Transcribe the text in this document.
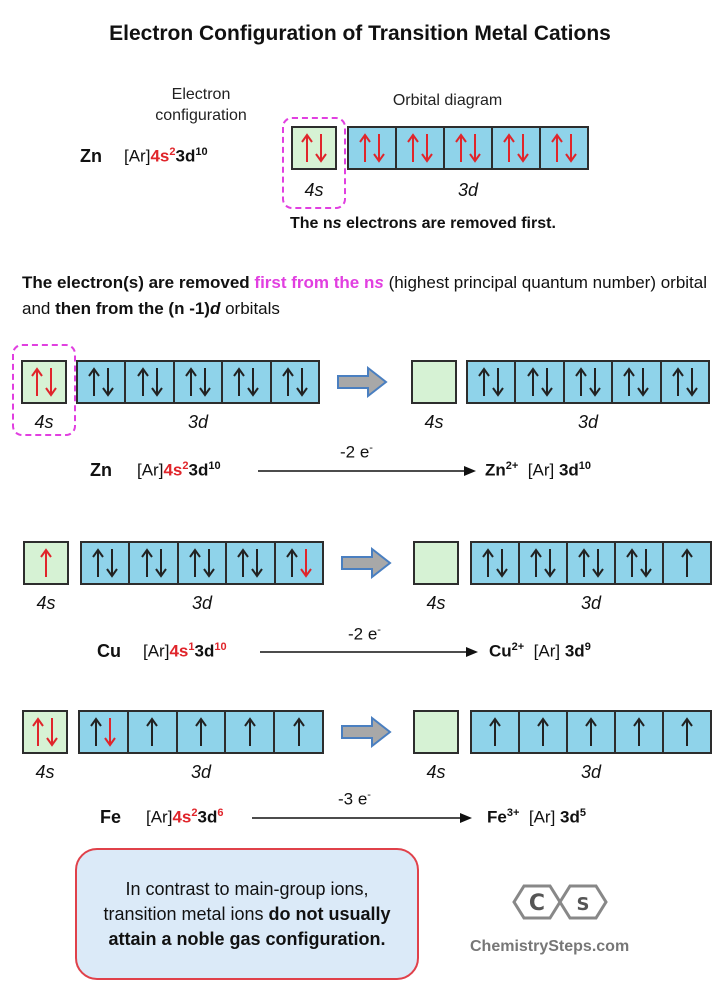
Electron Configuration of Transition Metal Cations
Electron configuration
Orbital diagram
Zn $[Ar]4s^23d^{10}$
4s	3d
The ns electrons are removed first.
The electron(s) are removed first from the ns (highest principal quantum number) orbital and then from the (n -1)d orbitals
4s	3d	4s	3d
Zn $[Ar]4s^23d^{10}$
-2 e-
$Zn^{2+}$ [Ar] $3d^{10}$
4s	3d	4s	3d
Cu $[Ar]4s^13d^{10}$
-2 e-
$Cu^{2+}$ [Ar] $3d^9$
4s	3d	4s	3d
Fe $[Ar]4s^23d^6$
-3 e-
$Fe^{3+}$ [Ar] $3d^5$
In contrast to main-group ions, transition metal ions do not usually attain a noble gas configuration.
C S
ChemistrySteps.com
